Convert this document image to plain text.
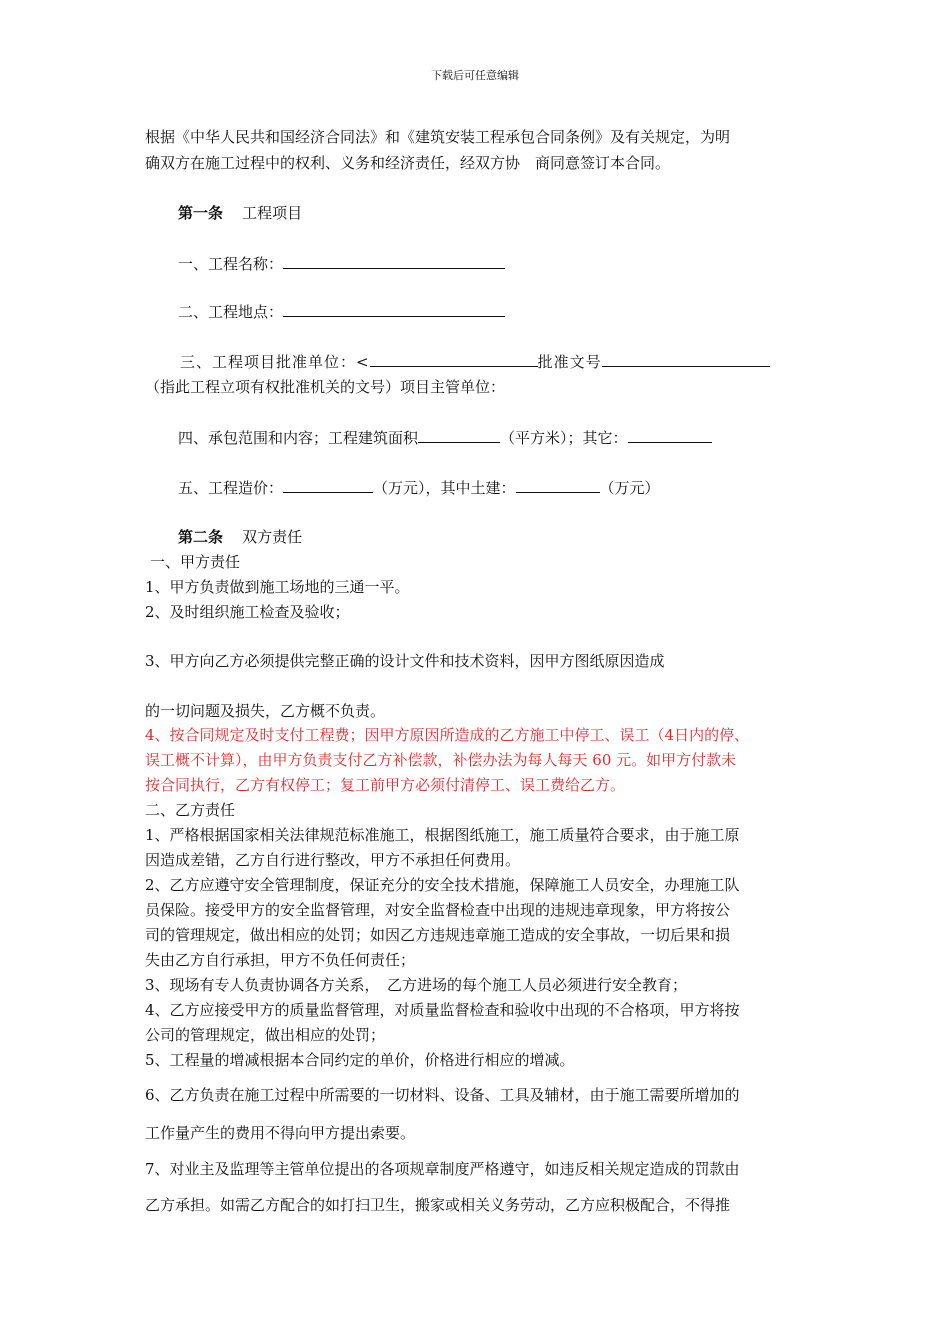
下载后可任意编辑
根据《中华人民共和国经济合同法》和《建筑安装工程承包合同条例》及有关规定，为明
确双方在施工过程中的权利、义务和经济责任，经双方协　商同意签订本合同。
第一条 工程项目
一、工程名称：
二、工程地点：
三、工程项目批准单位：<	批准文号
（指此工程立项有权批准机关的文号）项目主管单位：
四、承包范围和内容；工程建筑面积	（平方米）；其它：
五、工程造价：	（万元），其中土建：	（万元）
第二条 双方责任
一、甲方责任
1、甲方负责做到施工场地的三通一平。
2、及时组织施工检查及验收；
3、甲方向乙方必须提供完整正确的设计文件和技术资料，因甲方图纸原因造成
的一切问题及损失，乙方概不负责。
4、按合同规定及时支付工程费；因甲方原因所造成的乙方施工中停工、误工（4日内的停、
误工概不计算），由甲方负责支付乙方补偿款，补偿办法为每人每天 60 元。如甲方付款未
按合同执行，乙方有权停工；复工前甲方必须付清停工、误工费给乙方。
二、乙方责任
1、严格根据国家相关法律规范标准施工，根据图纸施工，施工质量符合要求，由于施工原
因造成差错，乙方自行进行整改，甲方不承担任何费用。
2、乙方应遵守安全管理制度，保证充分的安全技术措施，保障施工人员安全，办理施工队
员保险。接受甲方的安全监督管理，对安全监督检查中出现的违规违章现象，甲方将按公
司的管理规定，做出相应的处罚；如因乙方违规违章施工造成的安全事故，一切后果和损
失由乙方自行承担，甲方不负任何责任；
3、现场有专人负责协调各方关系，　乙方进场的每个施工人员必须进行安全教育；
4、乙方应接受甲方的质量监督管理，对质量监督检查和验收中出现的不合格项，甲方将按
公司的管理规定，做出相应的处罚；
5、工程量的增减根据本合同约定的单价，价格进行相应的增减。
6、乙方负责在施工过程中所需要的一切材料、设备、工具及辅材，由于施工需要所增加的
工作量产生的费用不得向甲方提出索要。
7、对业主及监理等主管单位提出的各项规章制度严格遵守，如违反相关规定造成的罚款由
乙方承担。如需乙方配合的如打扫卫生，搬家或相关义务劳动，乙方应积极配合，不得推
